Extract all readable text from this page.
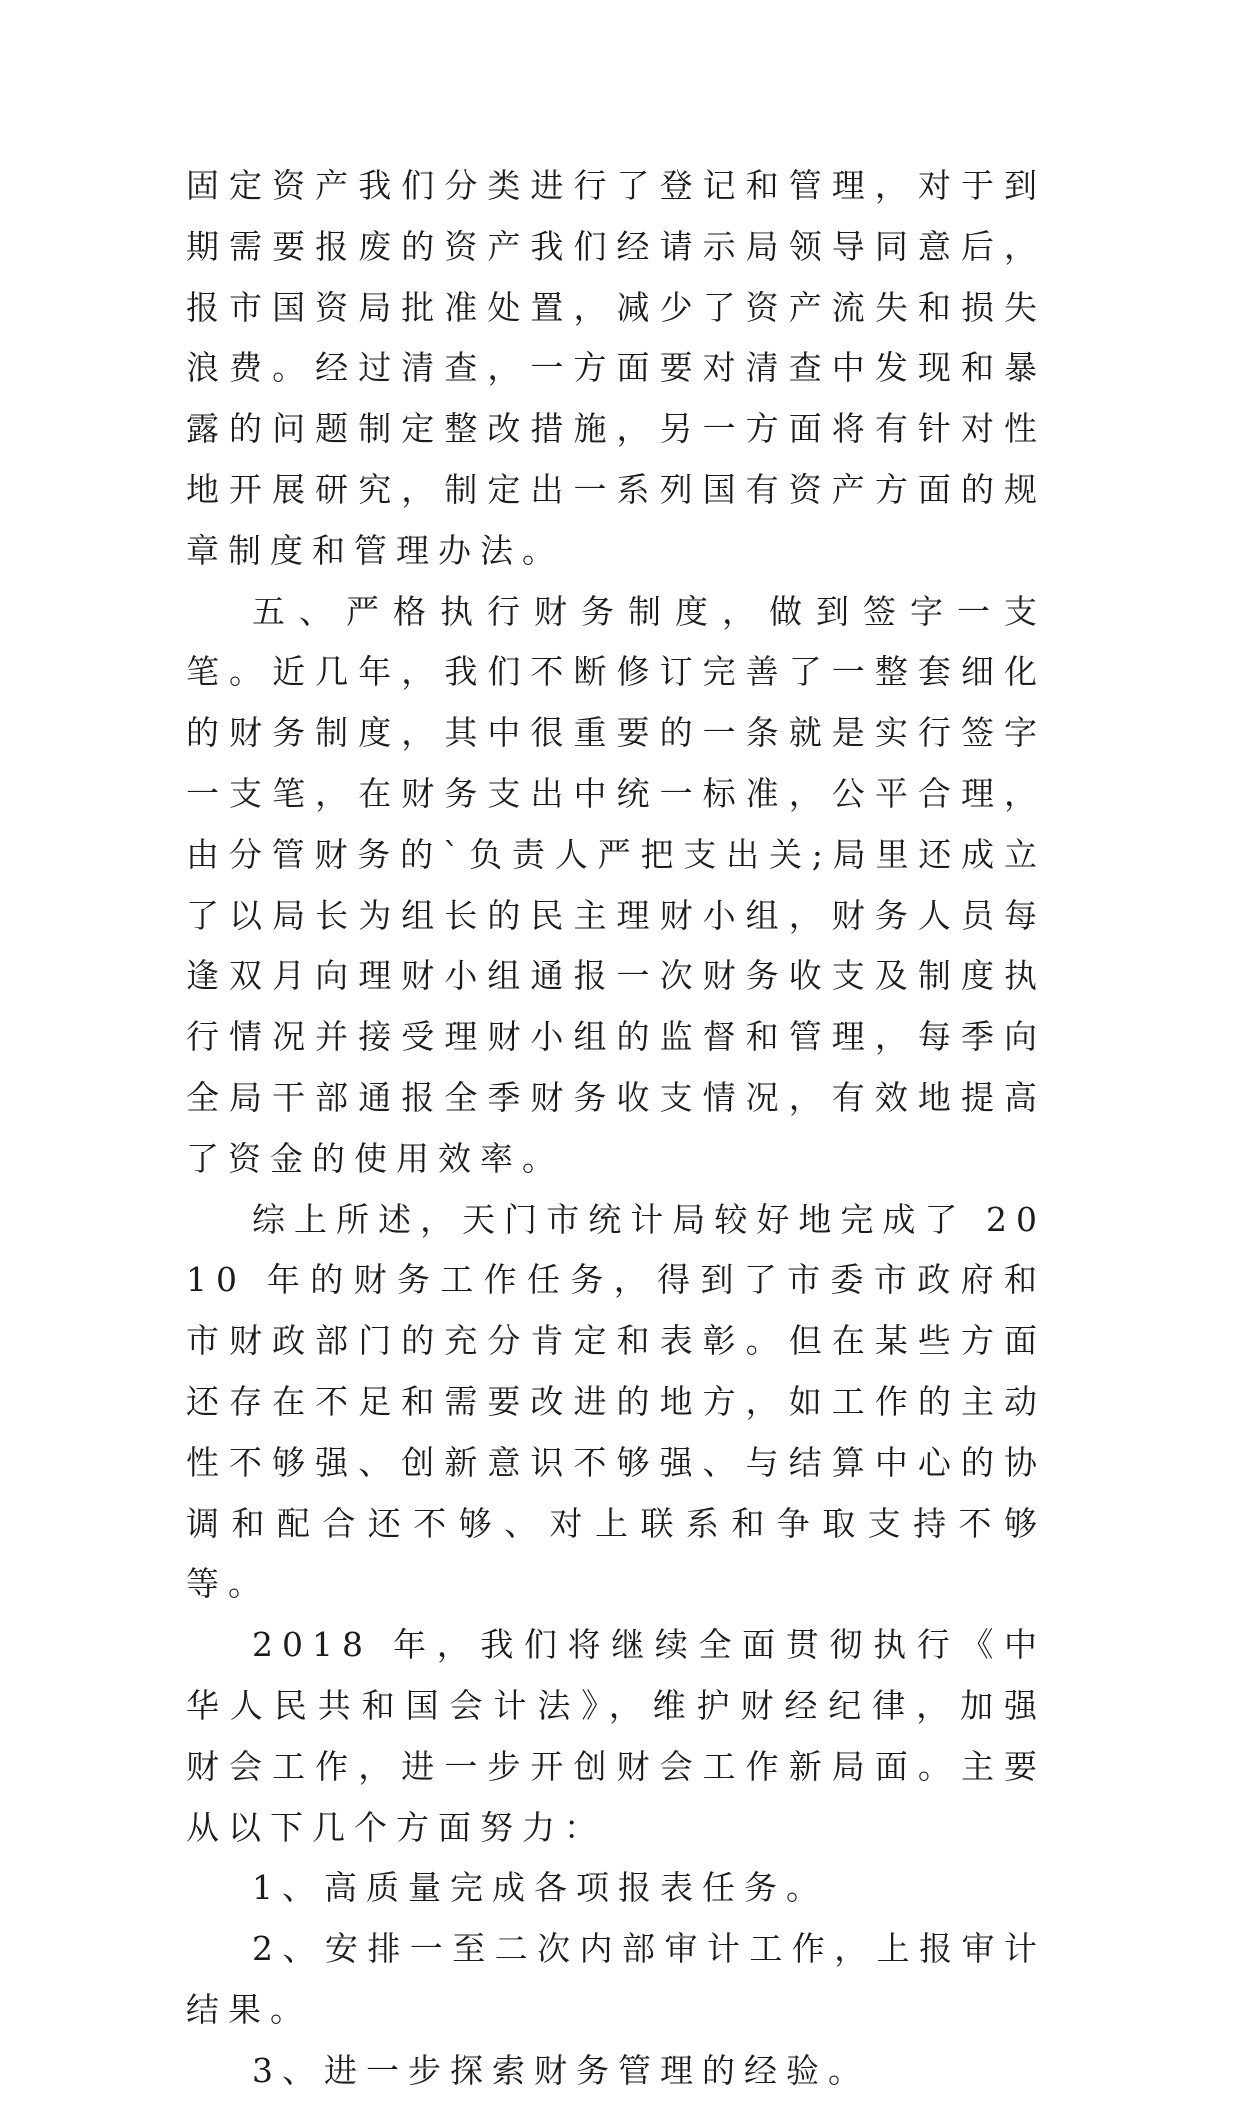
固定资产我们分类进行了登记和管理，对于到期需要报废的资产我们经请示局领导同意后，报市国资局批准处置，减少了资产流失和损失浪费。经过清查，一方面要对清查中发现和暴露的问题制定整改措施，另一方面将有针对性地开展研究，制定出一系列国有资产方面的规章制度和管理办法。

五、严格执行财务制度，做到签字一支笔。近几年，我们不断修订完善了一整套细化的财务制度，其中很重要的一条就是实行签字一支笔，在财务支出中统一标准，公平合理，由分管财务的`负责人严把支出关;局里还成立了以局长为组长的民主理财小组，财务人员每逢双月向理财小组通报一次财务收支及制度执行情况并接受理财小组的监督和管理，每季向全局干部通报全季财务收支情况，有效地提高了资金的使用效率。

综上所述，天门市统计局较好地完成了 2010 年的财务工作任务，得到了市委市政府和市财政部门的充分肯定和表彰。但在某些方面还存在不足和需要改进的地方，如工作的主动性不够强、创新意识不够强、与结算中心的协调和配合还不够、对上联系和争取支持不够等。

2018 年，我们将继续全面贯彻执行《中华人民共和国会计法》，维护财经纪律，加强财会工作，进一步开创财会工作新局面。主要从以下几个方面努力：

1、高质量完成各项报表任务。

2、安排一至二次内部审计工作，上报审计结果。

3、进一步探索财务管理的经验。
